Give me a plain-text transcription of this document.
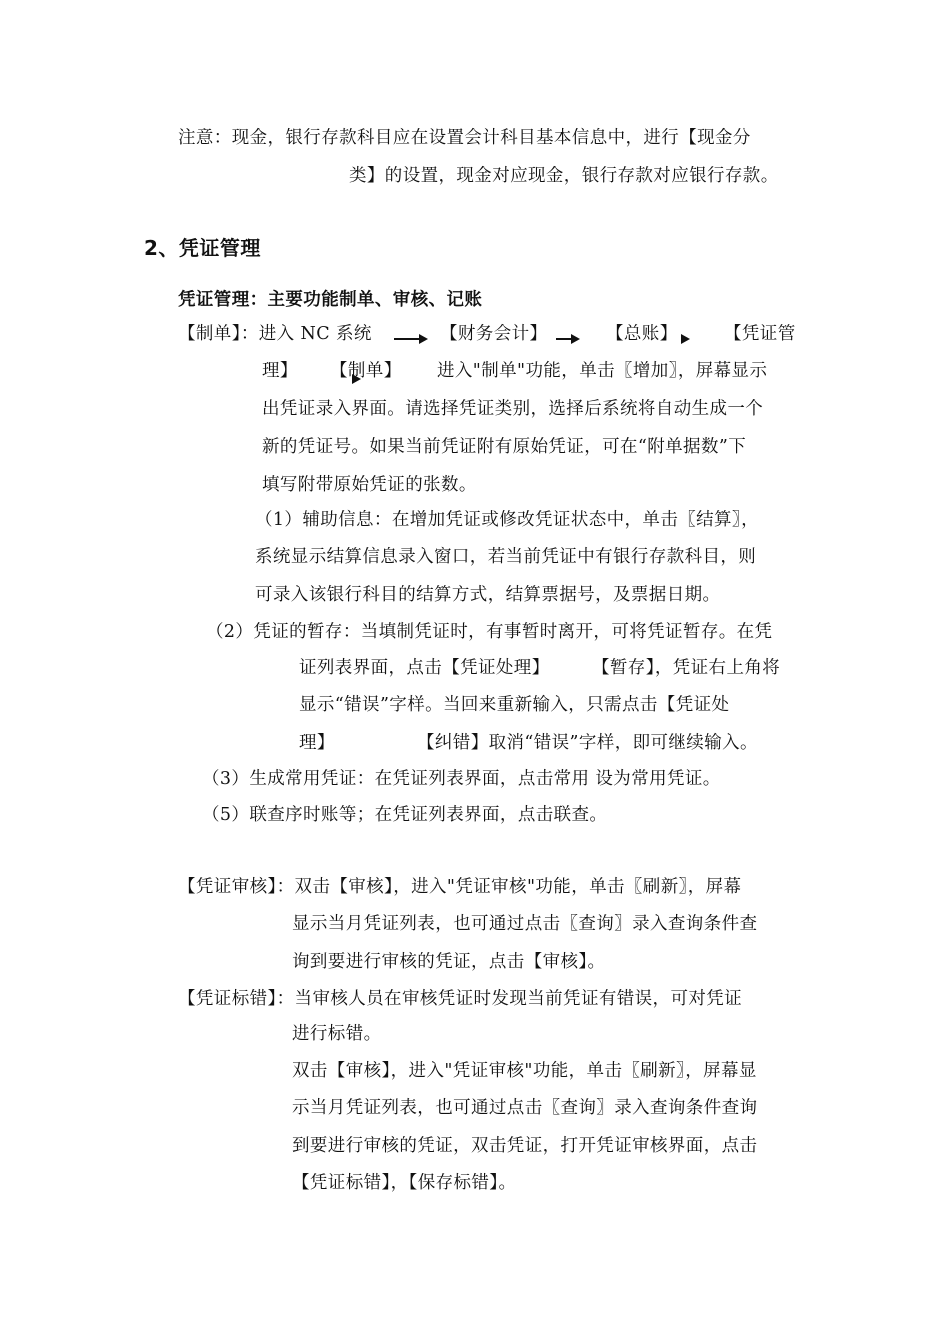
注意：现金，银行存款科目应在设置会计科目基本信息中，进行【现金分
类】的设置，现金对应现金，银行存款对应银行存款。
2、凭证管理
凭证管理：主要功能制单、审核、记账
【制单】：进入 NC 系统	【财务会计】	【总账】	【凭证管
理】 【制单】 进入"制单"功能，单击〖增加〗，屏幕显示
出凭证录入界面。请选择凭证类别，选择后系统将自动生成一个
新的凭证号。如果当前凭证附有原始凭证，可在“附单据数”下
填写附带原始凭证的张数。
（1）辅助信息：在增加凭证或修改凭证状态中，单击〖结算〗，
系统显示结算信息录入窗口，若当前凭证中有银行存款科目，则
可录入该银行科目的结算方式，结算票据号，及票据日期。
（2）凭证的暂存：当填制凭证时，有事暂时离开，可将凭证暂存。在凭
证列表界面，点击【凭证处理】 【暂存】，凭证右上角将
显示“错误”字样。当回来重新输入，只需点击【凭证处
理】	【纠错】取消“错误”字样，即可继续输入。
（3）生成常用凭证：在凭证列表界面，点击常用 设为常用凭证。
（5）联查序时账等；在凭证列表界面，点击联查。
【凭证审核】：双击【审核】，进入"凭证审核"功能，单击〖刷新〗，屏幕
显示当月凭证列表，也可通过点击〖查询〗录入查询条件查
询到要进行审核的凭证，点击【审核】。
【凭证标错】：当审核人员在审核凭证时发现当前凭证有错误，可对凭证
进行标错。
双击【审核】，进入"凭证审核"功能，单击〖刷新〗，屏幕显
示当月凭证列表，也可通过点击〖查询〗录入查询条件查询
到要进行审核的凭证，双击凭证，打开凭证审核界面，点击
【凭证标错】，【保存标错】。
